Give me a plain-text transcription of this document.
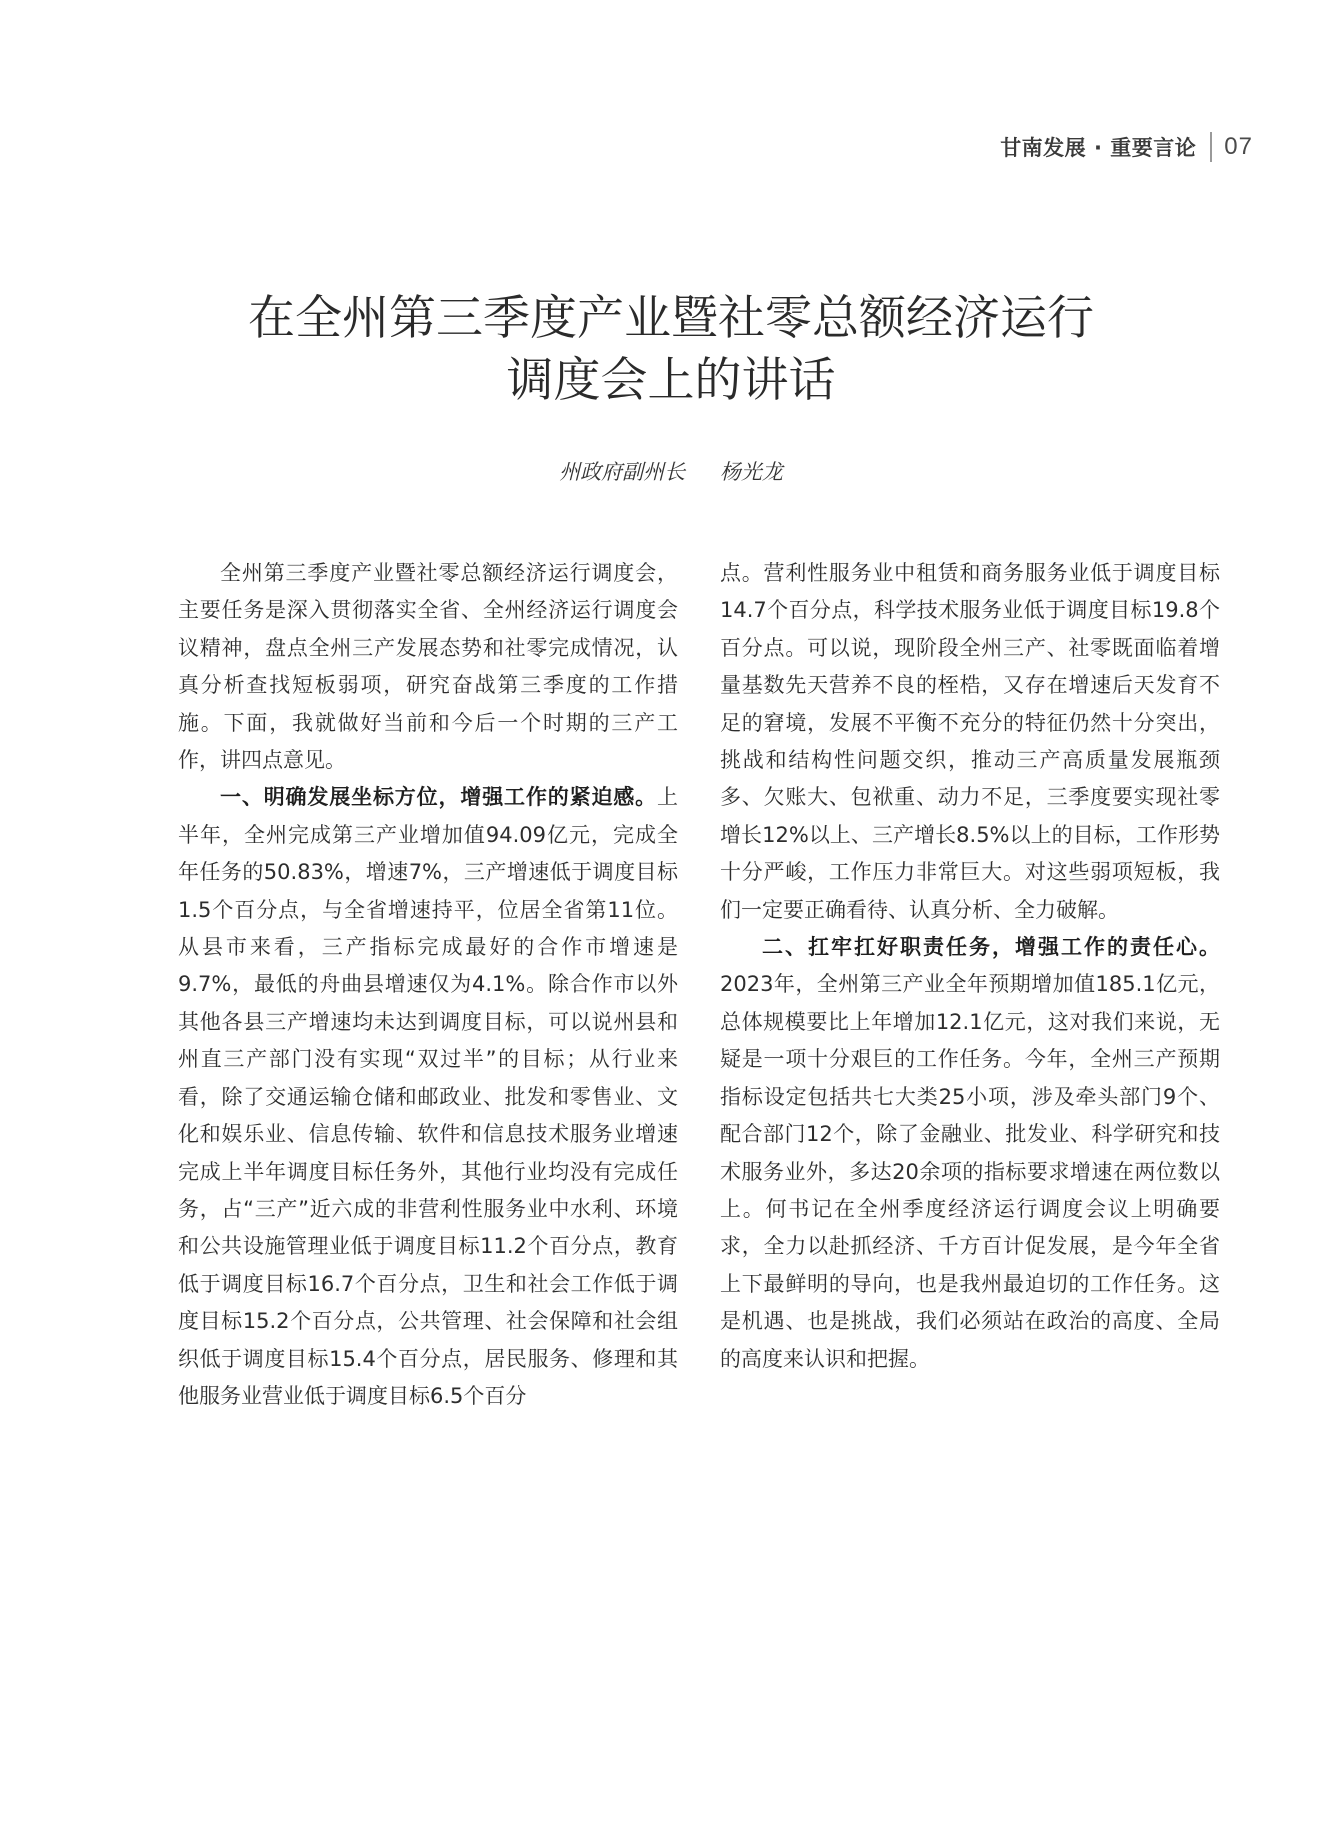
甘南发展 · 重要言论 07
在全州第三季度产业暨社零总额经济运行
调度会上的讲话
州政府副州长 杨光龙

全州第三季度产业暨社零总额经济运行调度会，主要任务是深入贯彻落实全省、全州经济运行调度会议精神，盘点全州三产发展态势和社零完成情况，认真分析查找短板弱项，研究奋战第三季度的工作措施。下面，我就做好当前和今后一个时期的三产工作，讲四点意见。

一、明确发展坐标方位，增强工作的紧迫感。上半年，全州完成第三产业增加值94.09亿元，完成全年任务的50.83%，增速7%，三产增速低于调度目标1.5个百分点，与全省增速持平，位居全省第11位。从县市来看，三产指标完成最好的合作市增速是9.7%，最低的舟曲县增速仅为4.1%。除合作市以外其他各县三产增速均未达到调度目标，可以说州县和州直三产部门没有实现“双过半”的目标；从行业来看，除了交通运输仓储和邮政业、批发和零售业、文化和娱乐业、信息传输、软件和信息技术服务业增速完成上半年调度目标任务外，其他行业均没有完成任务，占“三产”近六成的非营利性服务业中水利、环境和公共设施管理业低于调度目标11.2个百分点，教育低于调度目标16.7个百分点，卫生和社会工作低于调度目标15.2个百分点，公共管理、社会保障和社会组织低于调度目标15.4个百分点，居民服务、修理和其他服务业营业低于调度目标6.5个百分

点。营利性服务业中租赁和商务服务业低于调度目标14.7个百分点，科学技术服务业低于调度目标19.8个百分点。可以说，现阶段全州三产、社零既面临着增量基数先天营养不良的桎梏，又存在增速后天发育不足的窘境，发展不平衡不充分的特征仍然十分突出，挑战和结构性问题交织，推动三产高质量发展瓶颈多、欠账大、包袱重、动力不足，三季度要实现社零增长12%以上、三产增长8.5%以上的目标，工作形势十分严峻，工作压力非常巨大。对这些弱项短板，我们一定要正确看待、认真分析、全力破解。

二、扛牢扛好职责任务，增强工作的责任心。2023年，全州第三产业全年预期增加值185.1亿元，总体规模要比上年增加12.1亿元，这对我们来说，无疑是一项十分艰巨的工作任务。今年，全州三产预期指标设定包括共七大类25小项，涉及牵头部门9个、配合部门12个，除了金融业、批发业、科学研究和技术服务业外，多达20余项的指标要求增速在两位数以上。何书记在全州季度经济运行调度会议上明确要求，全力以赴抓经济、千方百计促发展，是今年全省上下最鲜明的导向，也是我州最迫切的工作任务。这是机遇、也是挑战，我们必须站在政治的高度、全局的高度来认识和把握。
